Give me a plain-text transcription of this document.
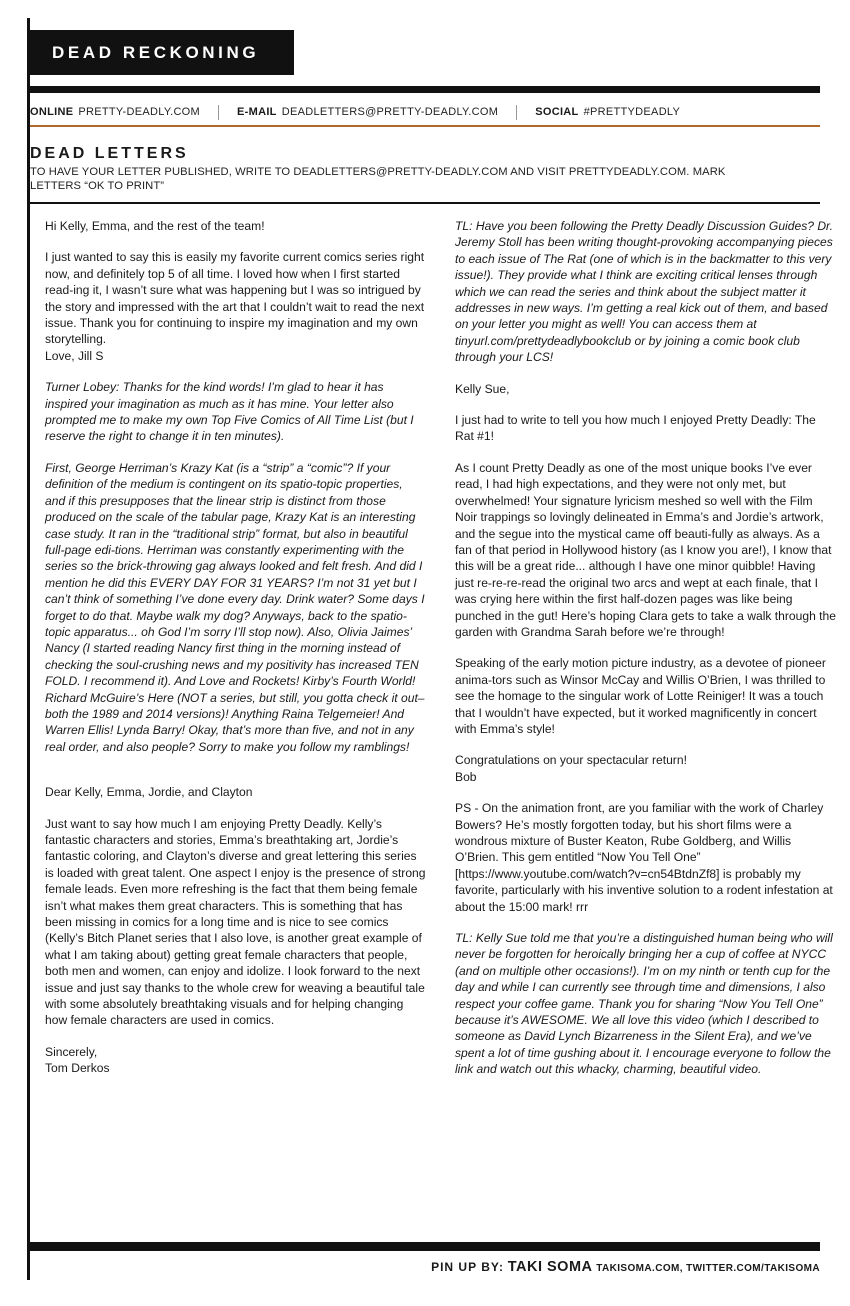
DEAD RECKONING
ONLINE PRETTY-DEADLY.COM	E-MAIL DEADLETTERS@PRETTY-DEADLY.COM	SOCIAL #PRETTYDEADLY
DEAD LETTERS
TO HAVE YOUR LETTER PUBLISHED, WRITE TO DEADLETTERS@PRETTY-DEADLY.COM AND VISIT PRETTYDEADLY.COM. MARK LETTERS “OK TO PRINT”

Hi Kelly, Emma, and the rest of the team!

I just wanted to say this is easily my favorite current comics series right now, and definitely top 5 of all time. I loved how when I first started read-ing it, I wasn’t sure what was happening but I was so intrigued by the story and impressed with the art that I couldn’t wait to read the next issue. Thank you for continuing to inspire my imagination and my own storytelling.

Love, Jill S

Turner Lobey: Thanks for the kind words! I’m glad to hear it has inspired your imagination as much as it has mine. Your letter also prompted me to make my own Top Five Comics of All Time List (but I reserve the right to change it in ten minutes).

First, George Herriman’s Krazy Kat (is a “strip” a “comic”? If your definition of the medium is contingent on its spatio-topic properties, and if this presupposes that the linear strip is distinct from those produced on the scale of the tabular page, Krazy Kat is an interesting case study. It ran in the “traditional strip” format, but also in beautiful full-page edi-tions. Herriman was constantly experimenting with the series so the brick-throwing gag always looked and felt fresh. And did I mention he did this EVERY DAY FOR 31 YEARS? I’m not 31 yet but I can’t think of something I’ve done every day. Drink water? Some days I forget to do that. Maybe walk my dog? Anyways, back to the spatio-topic apparatus... oh God I’m sorry I’ll stop now). Also, Olivia Jaimes’ Nancy (I started reading Nancy first thing in the morning instead of checking the soul-crushing news and my positivity has increased TEN FOLD. I recommend it). And Love and Rockets! Kirby’s Fourth World! Richard McGuire’s Here (NOT a series, but still, you gotta check it out–both the 1989 and 2014 versions)! Anything Raina Telgemeier! And Warren Ellis! Lynda Barry! Okay, that’s more than five, and not in any real order, and also people? Sorry to make you follow my ramblings!

Dear Kelly, Emma, Jordie, and Clayton

Just want to say how much I am enjoying Pretty Deadly. Kelly’s fantastic characters and stories, Emma’s breathtaking art, Jordie’s fantastic coloring, and Clayton’s diverse and great lettering this series is loaded with great talent. One aspect I enjoy is the presence of strong female leads. Even more refreshing is the fact that them being female isn’t what makes them great characters. This is something that has been missing in comics for a long time and is nice to see comics (Kelly’s Bitch Planet series that I also love, is another great example of what I am taking about) getting great female characters that people, both men and women, can enjoy and idolize. I look forward to the next issue and just say thanks to the whole crew for weaving a beautiful tale with some absolutely breathtaking visuals and for helping changing how female characters are used in comics.

Sincerely,

Tom Derkos

TL: Have you been following the Pretty Deadly Discussion Guides? Dr. Jeremy Stoll has been writing thought-provoking accompanying pieces to each issue of The Rat (one of which is in the backmatter to this very issue!). They provide what I think are exciting critical lenses through which we can read the series and think about the subject matter it addresses in new ways. I’m getting a real kick out of them, and based on your letter you might as well! You can access them at tinyurl.com/prettydeadlybookclub or by joining a comic book club through your LCS!

Kelly Sue,

I just had to write to tell you how much I enjoyed Pretty Deadly: The Rat #1!

As I count Pretty Deadly as one of the most unique books I’ve ever read, I had high expectations, and they were not only met, but overwhelmed! Your signature lyricism meshed so well with the Film Noir trappings so lovingly delineated in Emma’s and Jordie’s artwork, and the segue into the mystical came off beauti-fully as always. As a fan of that period in Hollywood history (as I know you are!), I know that this will be a great ride... although I have one minor quibble! Having just re-re-re-read the original two arcs and wept at each finale, that I was crying here within the first half-dozen pages was like being punched in the gut! Here’s hoping Clara gets to take a walk through the garden with Grandma Sarah before we’re through!

Speaking of the early motion picture industry, as a devotee of pioneer anima-tors such as Winsor McCay and Willis O’Brien, I was thrilled to see the homage to the singular work of Lotte Reiniger! It was a touch that I wouldn’t have expected, but it worked magnificently in concert with Emma’s style!

Congratulations on your spectacular return!

Bob

PS - On the animation front, are you familiar with the work of Charley Bowers? He’s mostly forgotten today, but his short films were a wondrous mixture of Buster Keaton, Rube Goldberg, and Willis O’Brien. This gem entitled “Now You Tell One” [https://www.youtube.com/watch?v=cn54BtdnZf8] is probably my favorite, particularly with his inventive solution to a rodent infestation at about the 15:00 mark! rrr

TL: Kelly Sue told me that you’re a distinguished human being who will never be forgotten for heroically bringing her a cup of coffee at NYCC (and on multiple other occasions!). I’m on my ninth or tenth cup for the day and while I can currently see through time and dimensions, I also respect your coffee game. Thank you for sharing “Now You Tell One” because it’s AWESOME. We all love this video (which I described to someone as David Lynch Bizarreness in the Silent Era), and we’ve spent a lot of time gushing about it. I encourage everyone to follow the link and watch out this whacky, charming, beautiful video.

PIN UP BY: TAKI SOMA TAKISOMA.COM, TWITTER.COM/TAKISOMA
